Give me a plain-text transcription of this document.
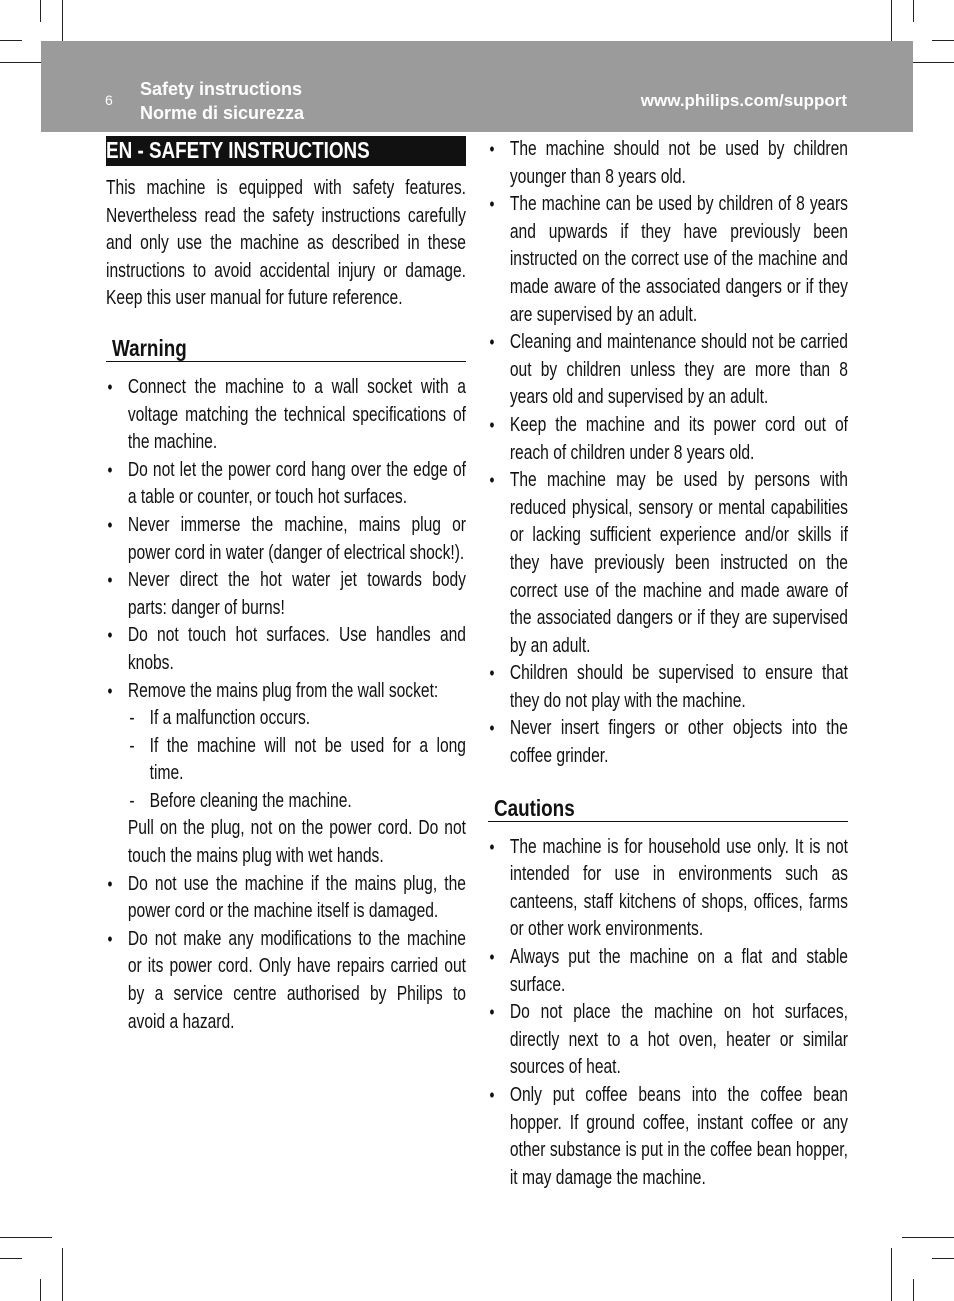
6
Safety instructions
Norme di sicurezza
www.philips.com/support
EN - SAFETY INSTRUCTIONS

This machine is equipped with safety features. Nevertheless read the safety instructions carefully and only use the machine as described in these instructions to avoid accidental injury or damage. Keep this user manual for future reference.

Warning
• Connect the machine to a wall socket with a voltage matching the technical specifications of the machine.
• Do not let the power cord hang over the edge of a table or counter, or touch hot surfaces.
• Never immerse the machine, mains plug or power cord in water (danger of electrical shock!).
• Never direct the hot water jet towards body parts: danger of burns!
• Do not touch hot surfaces. Use handles and knobs.
• Remove the mains plug from the wall socket:
- If a malfunction occurs.
- If the machine will not be used for a long time.
- Before cleaning the machine.

Pull on the plug, not on the power cord. Do not touch the mains plug with wet hands.

• Do not use the machine if the mains plug, the power cord or the machine itself is damaged.
• Do not make any modifications to the machine or its power cord. Only have repairs carried out by a service centre authorised by Philips to avoid a hazard.
• The machine should not be used by children younger than 8 years old.
• The machine can be used by children of 8 years and upwards if they have previously been instructed on the correct use of the machine and made aware of the associated dangers or if they are supervised by an adult.
• Cleaning and maintenance should not be carried out by children unless they are more than 8 years old and supervised by an adult.
• Keep the machine and its power cord out of reach of children under 8 years old.
• The machine may be used by persons with reduced physical, sensory or mental capabilities or lacking sufficient experience and/or skills if they have previously been instructed on the correct use of the machine and made aware of the associated dangers or if they are supervised by an adult.
• Children should be supervised to ensure that they do not play with the machine.
• Never insert fingers or other objects into the coffee grinder.
Cautions
• The machine is for household use only. It is not intended for use in environments such as canteens, staff kitchens of shops, offices, farms or other work environments.
• Always put the machine on a flat and stable surface.
• Do not place the machine on hot surfaces, directly next to a hot oven, heater or similar sources of heat.
• Only put coffee beans into the coffee bean hopper. If ground coffee, instant coffee or any other substance is put in the coffee bean hopper, it may damage the machine.
